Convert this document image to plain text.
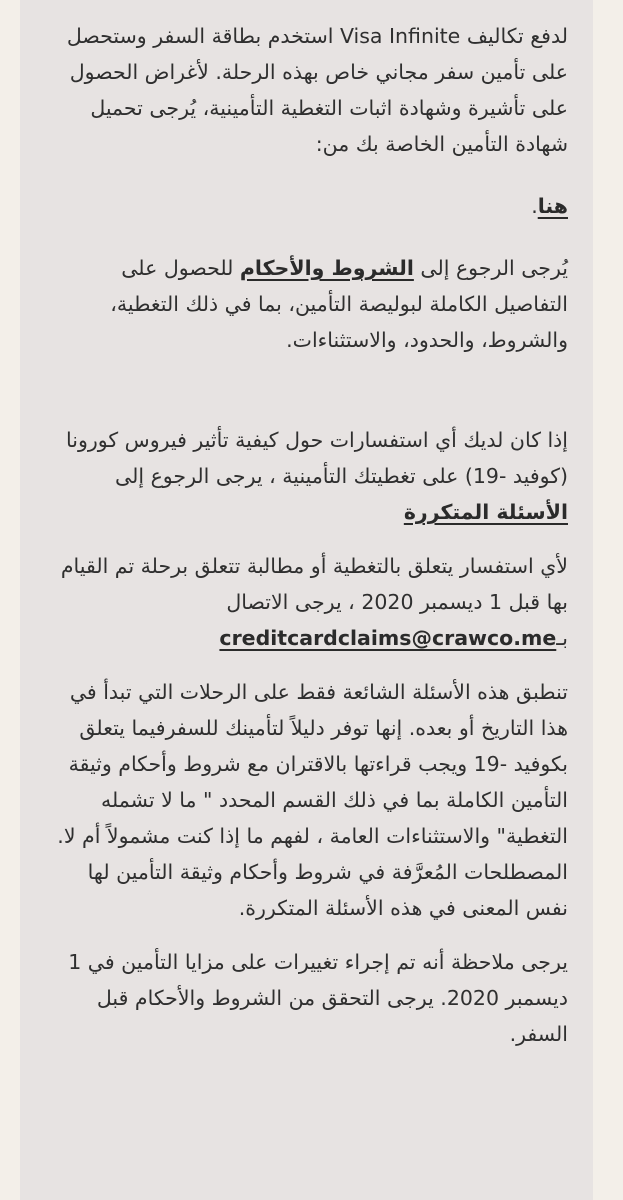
لدفع تكاليف Visa Infinite استخدم بطاقة السفر وستحصل على تأمين سفر مجاني خاص بهذه الرحلة. لأغراض الحصول على تأشيرة وشهادة اثبات التغطية التأمينية، يُرجى تحميل شهادة التأمين الخاصة بك من:

هنا.

يُرجى الرجوع إلى الشروط والأحكام للحصول على التفاصيل الكاملة لبوليصة التأمين، بما في ذلك التغطية، والشروط، والحدود، والاستثناءات.

إذا كان لديك أي استفسارات حول كيفية تأثير فيروس كورونا (كوفيد -19) على تغطيتك التأمينية ، يرجى الرجوع إلى الأسئلة المتكررة

لأي استفسار يتعلق بالتغطية أو مطالبة تتعلق برحلة تم القيام بها قبل 1 ديسمبر 2020 ، يرجى الاتصال
بـcreditcardclaims@crawco.me

تنطبق هذه الأسئلة الشائعة فقط على الرحلات التي تبدأ في هذا التاريخ أو بعده. إنها توفر دليلاً لتأمينك للسفرفيما يتعلق بكوفيد -19 ويجب قراءتها بالاقتران مع شروط وأحكام وثيقة التأمين الكاملة بما في ذلك القسم المحدد " ما لا تشمله التغطية" والاستثناءات العامة ، لفهم ما إذا كنت مشمولاً أم لا. المصطلحات المُعرَّفة في شروط وأحكام وثيقة التأمين لها نفس المعنى في هذه الأسئلة المتكررة.

يرجى ملاحظة أنه تم إجراء تغييرات على مزايا التأمين في 1 ديسمبر 2020. يرجى التحقق من الشروط والأحكام قبل السفر.
